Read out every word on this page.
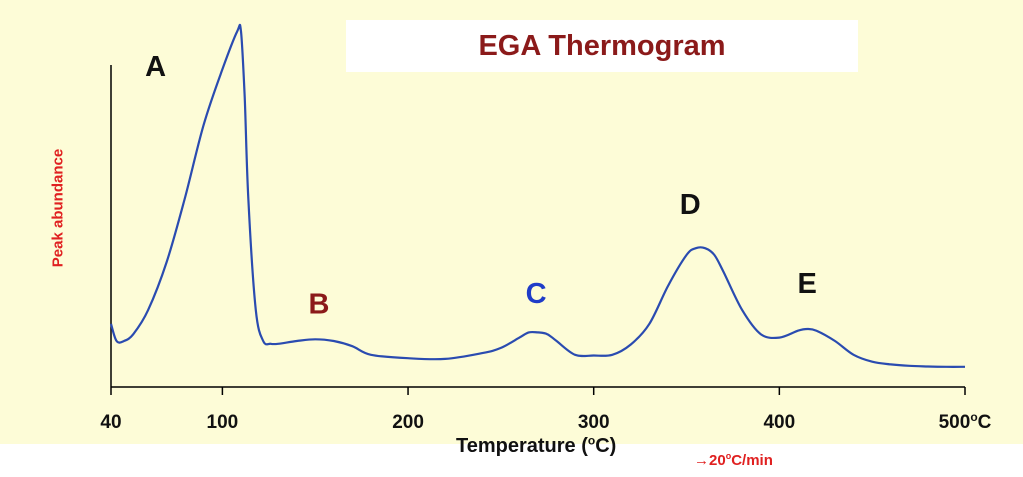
EGA Thermogram
Peak abundance
Temperature ($^o$C)
$\to 20^oC/\min$
40	100	200	300	400	500$^o$C
A
B	C
D
E
